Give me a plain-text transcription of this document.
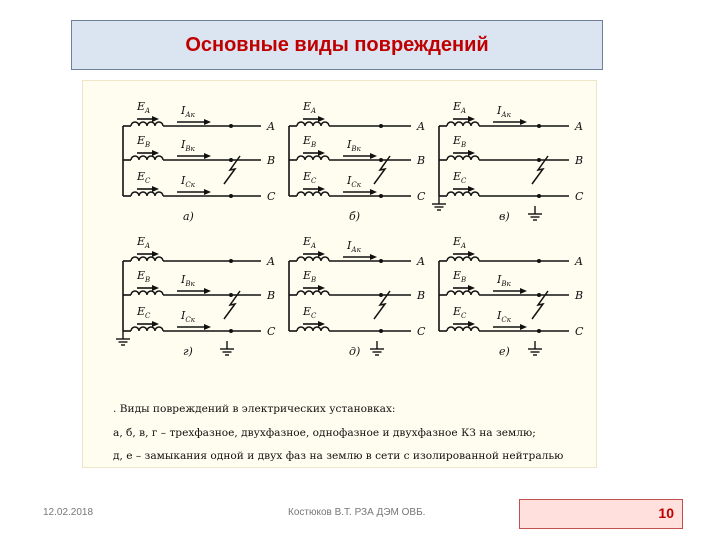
Основные виды повреждений
A
$E_A$
B
$E_B$
C
$E_C$
$I_{Ак}$
$I_{Вк}$
$I_{Ск}$
а)
A
$E_A$
B
$E_B$
C
$E_C$
$I_{Вк}$
$I_{Ск}$
б)
A
$E_A$
B
$E_B$
C
$E_C$
$I_{Ак}$
в)
A
$E_A$
B
$E_B$
C
$E_C$
$I_{Вк}$
$I_{Ск}$
г)
A
$E_A$
B
$E_B$
C
$E_C$
$I_{Ак}$
д)
A
$E_A$
B
$E_B$
C
$E_C$
$I_{Вк}$
$I_{Ск}$
е)
. Виды повреждений в электрических установках:
а, б, в, г – трехфазное, двухфазное, однофазное и двухфазное КЗ на землю;
д, е – замыкания одной и двух фаз на землю в сети с изолированной нейтралью
12.02.2018	Костюков В.Т. РЗА ДЭМ ОВБ.	10
